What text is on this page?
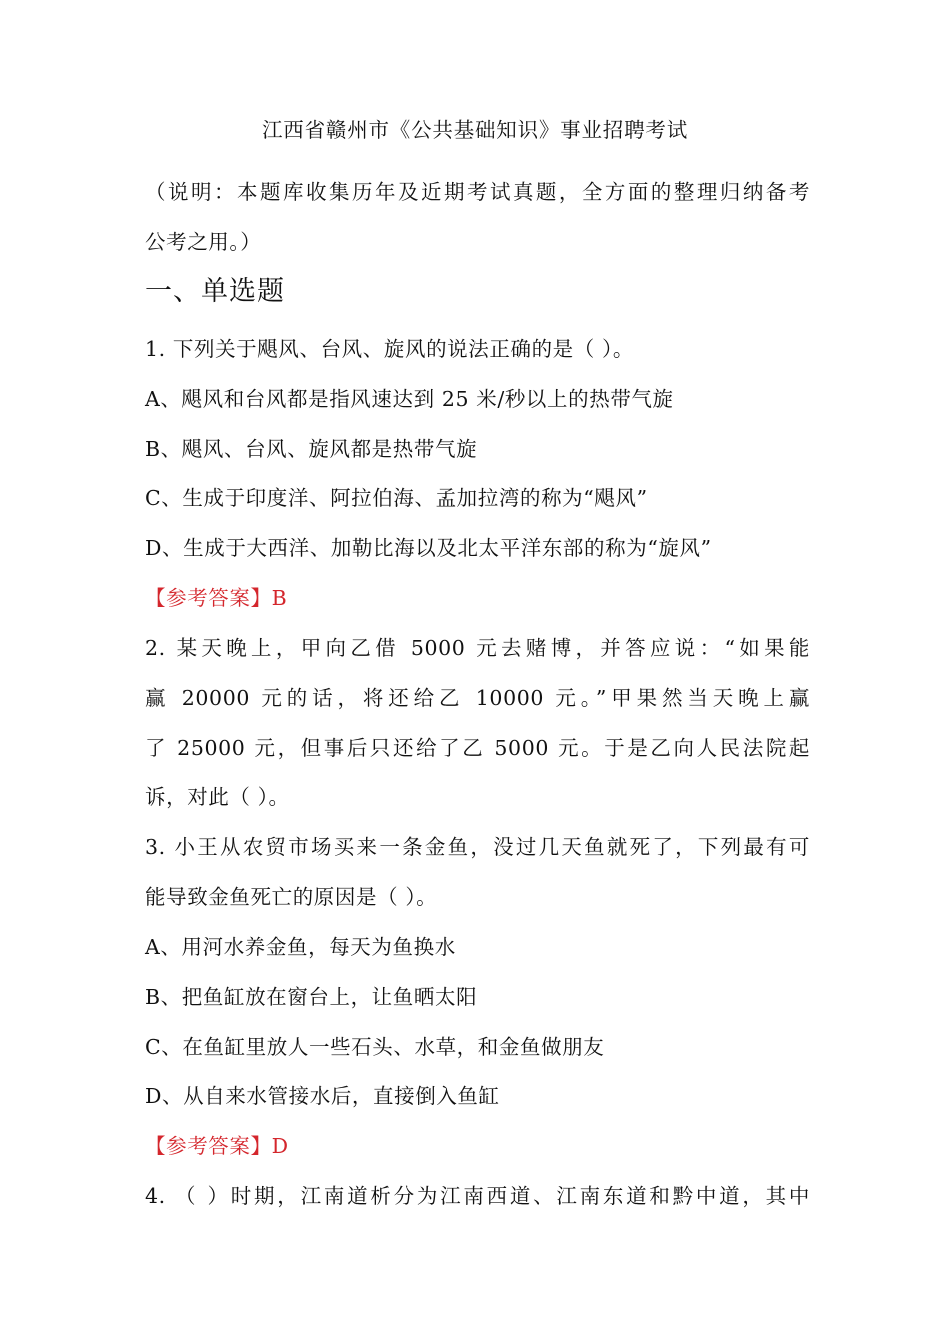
江西省赣州市《公共基础知识》事业招聘考试
（说明：本题库收集历年及近期考试真题，全方面的整理归纳备考
公考之用。）
一、单选题
1. 下列关于飓风、台风、旋风的说法正确的是（ ）。
A、飓风和台风都是指风速达到 25 米/秒以上的热带气旋
B、飓风、台风、旋风都是热带气旋
C、生成于印度洋、阿拉伯海、孟加拉湾的称为“飓风”
D、生成于大西洋、加勒比海以及北太平洋东部的称为“旋风”
【参考答案】B
2. 某天晚上，甲向乙借 5000 元去赌博，并答应说：“如果能
赢 20000 元的话，将还给乙 10000 元。”甲果然当天晚上赢
了 25000 元，但事后只还给了乙 5000 元。于是乙向人民法院起
诉，对此（ ）。
3. 小王从农贸市场买来一条金鱼，没过几天鱼就死了，下列最有可
能导致金鱼死亡的原因是（ ）。
A、用河水养金鱼，每天为鱼换水
B、把鱼缸放在窗台上，让鱼晒太阳
C、在鱼缸里放人一些石头、水草，和金鱼做朋友
D、从自来水管接水后，直接倒入鱼缸
【参考答案】D
4. （ ）时期，江南道析分为江南西道、江南东道和黔中道，其中
